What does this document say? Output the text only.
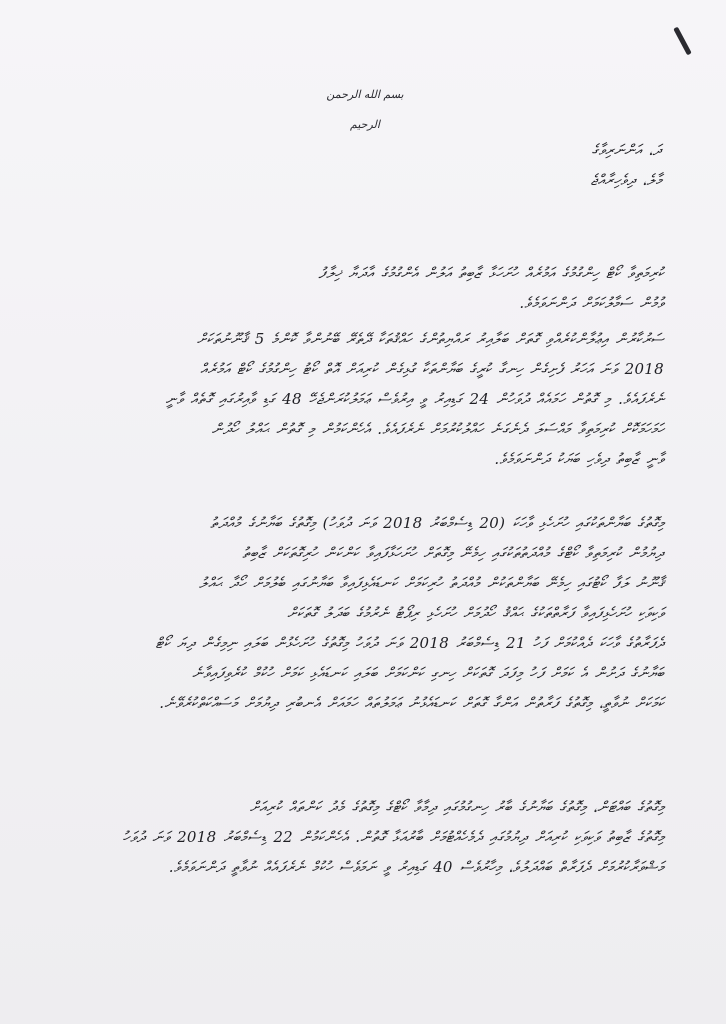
بسم الله الرحمن الرحيم
ދަ، އަންނަރިވާގެ
މާލެ، ދިވެހިރާއްޖެ
ކުރިމަތިވާ ކޯޓް ހިންގުމުގެ އަމުރެއް ހުށަހަޅާ ޒާބިތު އަލުން އެންގުމުގެ އާދަޔާ ޚިލާފު
ވުމުން ސަމާލުކަމަށް ދަންނަވަމެވެ.
ސަރުކާރުން އިޢުލާންކުރެއްވި ގޮތަށް ބަލާއިރު ރައްޔިތުންގެ ހައްޤުތަކާ ދޭތެރޭ ބޭނުންވާ ކޮންމެ 5 ޤާނޫނުތަކަށް
2018 ވަނަ އަހަރު ފެށިގެން ހިނގާ ކުރީގެ ބަޔާންތަކާ ގުޅިގެން ކުރިއަށް އޮތް ކޯޓު ހިންގުމުގެ ކޯޓް އަމުރެއް
ނެރެފައެވެ. މި ގޮތުން ހަމައެއް ދުވަހުން 24 ގަޑިއިރު ވީ އިރުވެސް ޢަމަލުކުރަންޖެހޭ 48 ގަޑި ވާއިރުގައި ގޮތެއް ވާނީ
ހަމަހަމަކޮށް ކުރިމަތިވާ މައްސަލަ ދެނެގަނެ ހައްލުކުރުމަށް ނެރެފައެވެ. އެހެންކަމުން މި ގޮތުން ޙައްލު ހޯދުން
ވާނީ ޒާބިތު ދިވެހި ބަޔަކު ދަންނަވަމެވެ.
މިގޮތުގެ ބަޔާންތަކުގައި ހުށަހެޅި ވާހަކަ (20 ޑިސެމްބަރު 2018 ވަނަ ދުވަހު) މިގޮތުގެ ބަޔާނުގެ މުއްދަތު
ދިޔުމުން ކުރިމަތިވާ ކޯޓްގެ މުއްދަތުތަކުގައި ހިމެނޭ މިގޮތަށް ހުށަހަޅާފައިވާ ކަންކަން ހުރިގޮތަކަށް ޒާބިތު
ޤާނޫނު ލަފާ ކޯޓުގައި ހިމެނޭ ބަޔާންތަކުން މުއްދަތު ހުރިކަމަށް ކަނޑައެޅިފައިވާ ބަޔާނުގައި ބެލުމަށް ހޯދާ ޙައްލު
ވަކިވަކި ހުށަހެޅިފައިވާ ފަރާތްތަކުގެ ޙައްޤު ހޯދުމަށް ހުށަހެޅި ރިޕޯޓު ނެރުމުގެ ބަދަލު ގޮތަކަށް
ދެފަރާތުގެ ވާހަކަ ދެއްކުމަށް ފަހު 21 ޑިސެމްބަރު 2018 ވަނަ ދުވަހު މިގޮތުގެ ހުށަހެޅުން ބަލައި ނިމިގެން ދިޔަ ކޯޓް
ބަޔާނުގެ ދަށުން އެ ކަމަށް ފަހު މިފަދަ ގޮތަކަށް ހިނގި ކަންކަމަށް ބަލައި ކަނޑައެޅި ކަމަށް ހުކުމް ކުރެވިފައިވާނެ
ކަމަކަށް ނުވާތީ، މިގޮތުގެ ފަރާތުން އަންގާ ގޮތަށް ކަނޑައެޅުނު ޢަމަލުތައް ހަމައަށް އެނބުރި ދިޔުމަށް މަސައްކަތްކުރެވޭނެ.
މިގޮތުގެ ބައްޓަން، މިގޮތުގެ ބަޔާނުގެ ބާރު ހިނގުމުގައި ދިމާވާ ކޯޓްގެ މިގޮތުގެ މެދު ކަންތައް ކުރިއަށް
މިގޮތުގެ ޒާބިތު ވަކިވަކި ކުރިއަށް ދިޔުމުގައި ދެމެހެއްޓުމަށް ބާރުއަޅާ ގޮތުން. އެހެންކަމުން 22 ޑިސެމްބަރު 2018 ވަނަ ދުވަހު
މަޝްވަރާކުރުމަށް ދެފަރާތް ބައްދަލުވެ، މިހާރުވެސް 40 ގަޑިއިރު ވީ ނަމަވެސް ހުކުމް ނެރެފައެއް ނުވާތީ ދަންނަވަމެވެ.
